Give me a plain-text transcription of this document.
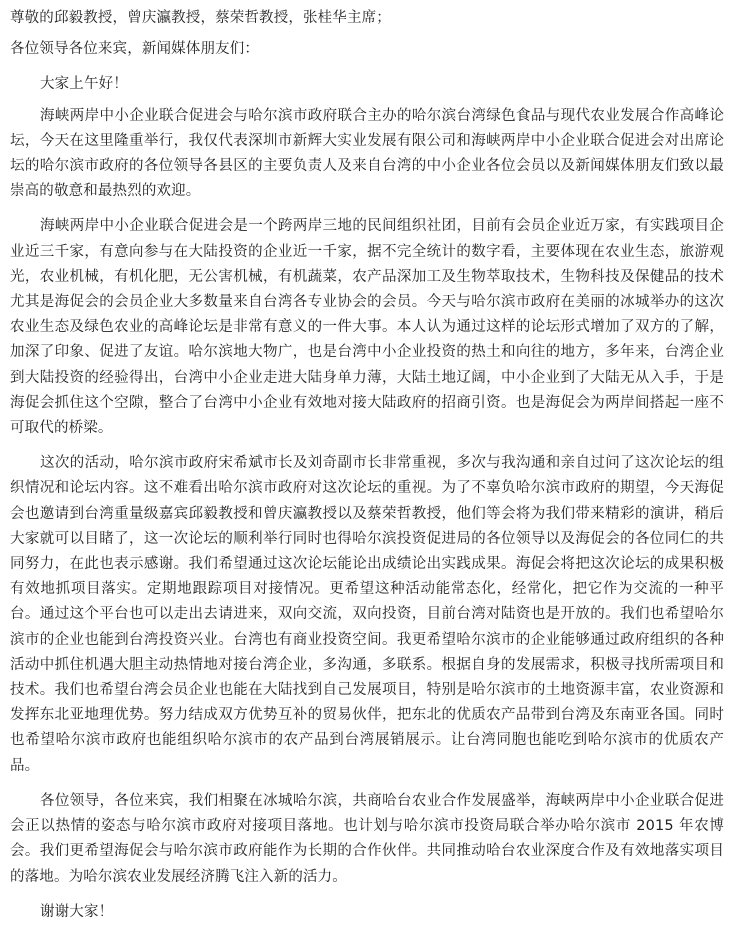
尊敬的邱毅教授，曾庆瀛教授，蔡荣哲教授，张桂华主席；

各位领导各位来宾，新闻媒体朋友们：

大家上午好！

海峡两岸中小企业联合促进会与哈尔滨市政府联合主办的哈尔滨台湾绿色食品与现代农业发展合作高峰论坛，今天在这里隆重举行，我仅代表深圳市新辉大实业发展有限公司和海峡两岸中小企业联合促进会对出席论坛的哈尔滨市政府的各位领导各县区的主要负责人及来自台湾的中小企业各位会员以及新闻媒体朋友们致以最崇高的敬意和最热烈的欢迎。

海峡两岸中小企业联合促进会是一个跨两岸三地的民间组织社团，目前有会员企业近万家，有实践项目企业近三千家，有意向参与在大陆投资的企业近一千家，据不完全统计的数字看，主要体现在农业生态，旅游观光，农业机械，有机化肥，无公害机械，有机蔬菜，农产品深加工及生物萃取技术，生物科技及保健品的技术尤其是海促会的会员企业大多数量来自台湾各专业协会的会员。今天与哈尔滨市政府在美丽的冰城举办的这次农业生态及绿色农业的高峰论坛是非常有意义的一件大事。本人认为通过这样的论坛形式增加了双方的了解，加深了印象、促进了友谊。哈尔滨地大物广，也是台湾中小企业投资的热土和向往的地方，多年来，台湾企业到大陆投资的经验得出，台湾中小企业走进大陆身单力薄，大陆土地辽阔，中小企业到了大陆无从入手，于是海促会抓住这个空隙，整合了台湾中小企业有效地对接大陆政府的招商引资。也是海促会为两岸间搭起一座不可取代的桥梁。

这次的活动，哈尔滨市政府宋希斌市长及刘奇副市长非常重视，多次与我沟通和亲自过问了这次论坛的组织情况和论坛内容。这不难看出哈尔滨市政府对这次论坛的重视。为了不辜负哈尔滨市政府的期望，今天海促会也邀请到台湾重量级嘉宾邱毅教授和曾庆瀛教授以及蔡荣哲教授，他们等会将为我们带来精彩的演讲，稍后大家就可以目睹了，这一次论坛的顺利举行同时也得哈尔滨投资促进局的各位领导以及海促会的各位同仁的共同努力，在此也表示感谢。我们希望通过这次论坛能论出成绩论出实践成果。海促会将把这次论坛的成果积极有效地抓项目落实。定期地跟踪项目对接情况。更希望这种活动能常态化，经常化，把它作为交流的一种平台。通过这个平台也可以走出去请进来，双向交流，双向投资，目前台湾对陆资也是开放的。我们也希望哈尔滨市的企业也能到台湾投资兴业。台湾也有商业投资空间。我更希望哈尔滨市的企业能够通过政府组织的各种活动中抓住机遇大胆主动热情地对接台湾企业，多沟通，多联系。根据自身的发展需求，积极寻找所需项目和技术。我们也希望台湾会员企业也能在大陆找到自己发展项目，特别是哈尔滨市的土地资源丰富，农业资源和发挥东北亚地理优势。努力结成双方优势互补的贸易伙伴，把东北的优质农产品带到台湾及东南亚各国。同时也希望哈尔滨市政府也能组织哈尔滨市的农产品到台湾展销展示。让台湾同胞也能吃到哈尔滨市的优质农产品。

各位领导，各位来宾，我们相聚在冰城哈尔滨，共商哈台农业合作发展盛举，海峡两岸中小企业联合促进会正以热情的姿态与哈尔滨市政府对接项目落地。也计划与哈尔滨市投资局联合举办哈尔滨市 2015 年农博会。我们更希望海促会与哈尔滨市政府能作为长期的合作伙伴。共同推动哈台农业深度合作及有效地落实项目的落地。为哈尔滨农业发展经济腾飞注入新的活力。

谢谢大家！
